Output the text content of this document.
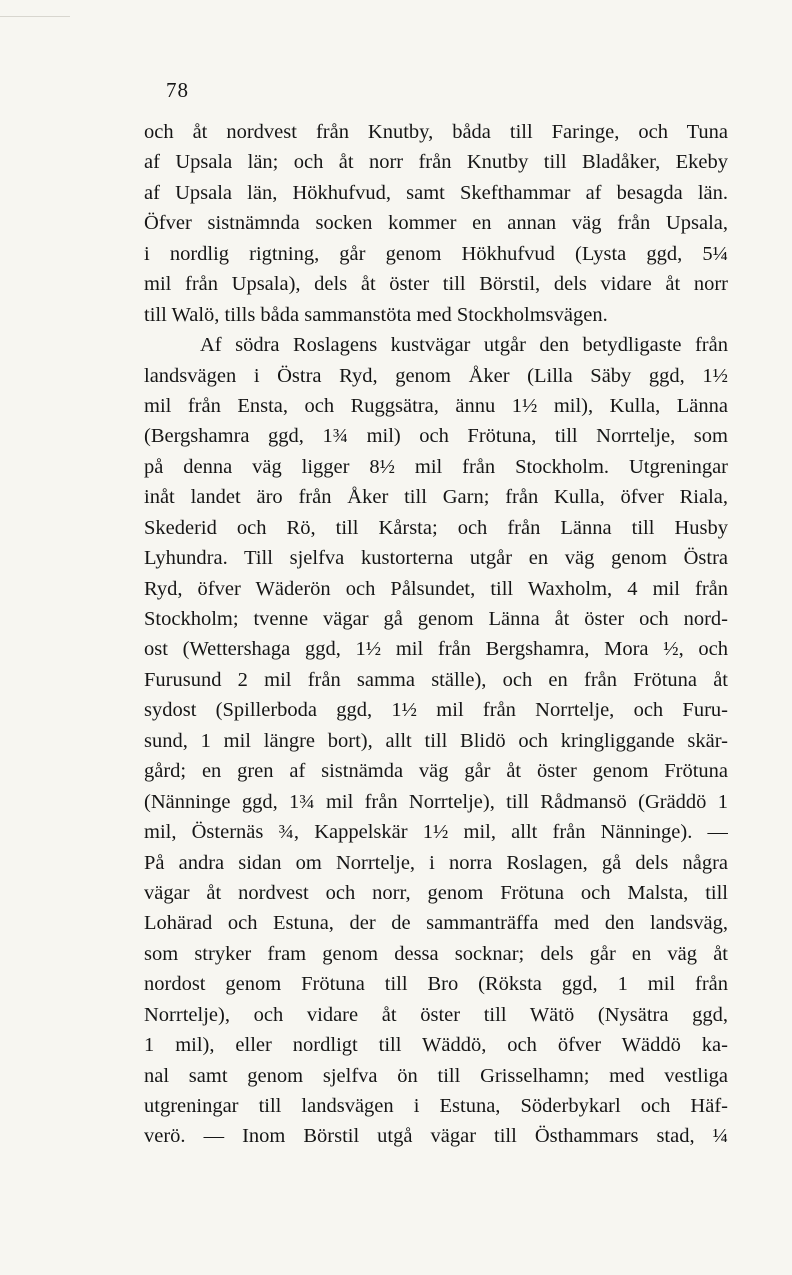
78
och åt nordvest från Knutby, båda till Faringe, och Tuna
af Upsala län; och åt norr från Knutby till Bladåker, Ekeby
af Upsala län, Hökhufvud, samt Skefthammar af besagda län.
Öfver sistnämnda socken kommer en annan väg från Upsala,
i nordlig rigtning, går genom Hökhufvud (Lysta ggd, 5¼
mil från Upsala), dels åt öster till Börstil, dels vidare åt norr
till Walö, tills båda sammanstöta med Stockholmsvägen.
Af södra Roslagens kustvägar utgår den betydligaste från
landsvägen i Östra Ryd, genom Åker (Lilla Säby ggd, 1½
mil från Ensta, och Ruggsätra, ännu 1½ mil), Kulla, Länna
(Bergshamra ggd, 1¾ mil) och Frötuna, till Norrtelje, som
på denna väg ligger 8½ mil från Stockholm. Utgreningar
inåt landet äro från Åker till Garn; från Kulla, öfver Riala,
Skederid och Rö, till Kårsta; och från Länna till Husby
Lyhundra. Till sjelfva kustorterna utgår en väg genom Östra
Ryd, öfver Wäderön och Pålsundet, till Waxholm, 4 mil från
Stockholm; tvenne vägar gå genom Länna åt öster och nord-
ost (Wettershaga ggd, 1½ mil från Bergshamra, Mora ½, och
Furusund 2 mil från samma ställe), och en från Frötuna åt
sydost (Spillerboda ggd, 1½ mil från Norrtelje, och Furu-
sund, 1 mil längre bort), allt till Blidö och kringliggande skär-
gård; en gren af sistnämda väg går åt öster genom Frötuna
(Nänninge ggd, 1¾ mil från Norrtelje), till Rådmansö (Gräddö 1
mil, Östernäs ¾, Kappelskär 1½ mil, allt från Nänninge). —
På andra sidan om Norrtelje, i norra Roslagen, gå dels några
vägar åt nordvest och norr, genom Frötuna och Malsta, till
Lohärad och Estuna, der de sammanträffa med den landsväg,
som stryker fram genom dessa socknar; dels går en väg åt
nordost genom Frötuna till Bro (Röksta ggd, 1 mil från
Norrtelje), och vidare åt öster till Wätö (Nysätra ggd,
1 mil), eller nordligt till Wäddö, och öfver Wäddö ka-
nal samt genom sjelfva ön till Grisselhamn; med vestliga
utgreningar till landsvägen i Estuna, Söderbykarl och Häf-
verö. — Inom Börstil utgå vägar till Östhammars stad, ¼
